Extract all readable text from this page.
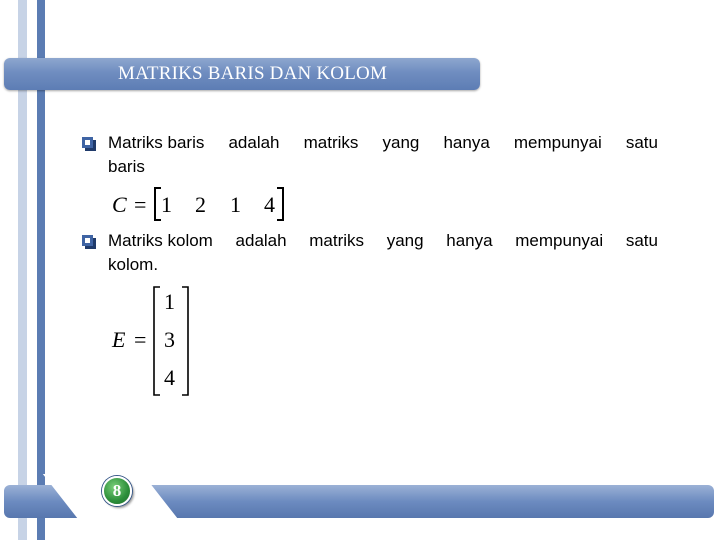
MATRIKS BARIS DAN KOLOM
Matriks baris adalah matriks yang hanya mempunyai satu
baris
C = 1 2 1 4
Matriks kolom adalah matriks yang hanya mempunyai satu
kolom.
E =
1
3
4
8
